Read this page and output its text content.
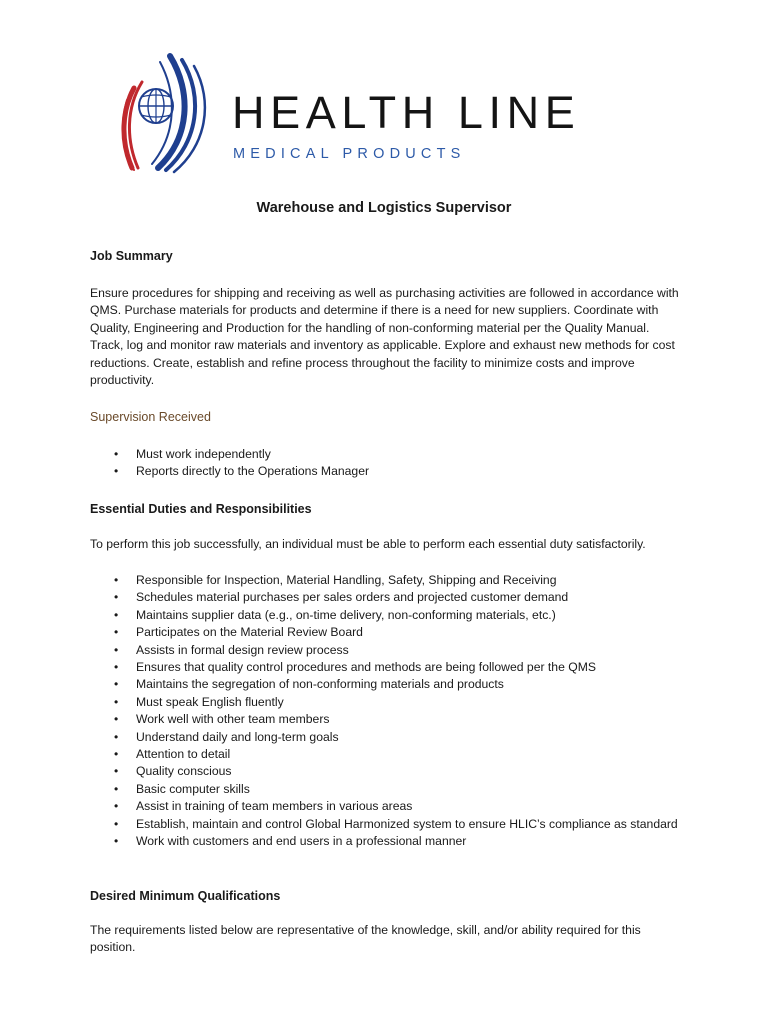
HEALTH LINE
MEDICAL PRODUCTS
Warehouse and Logistics Supervisor
Job Summary
Ensure procedures for shipping and receiving as well as purchasing activities are followed in accordance with QMS. Purchase materials for products and determine if there is a need for new suppliers. Coordinate with Quality, Engineering and Production for the handling of non-conforming material per the Quality Manual. Track, log and monitor raw materials and inventory as applicable. Explore and exhaust new methods for cost reductions. Create, establish and refine process throughout the facility to minimize costs and improve productivity.
Supervision Received
• Must work independently
• Reports directly to the Operations Manager
Essential Duties and Responsibilities
To perform this job successfully, an individual must be able to perform each essential duty satisfactorily.
• Responsible for Inspection, Material Handling, Safety, Shipping and Receiving
• Schedules material purchases per sales orders and projected customer demand
• Maintains supplier data (e.g., on-time delivery, non-conforming materials, etc.)
• Participates on the Material Review Board
• Assists in formal design review process
• Ensures that quality control procedures and methods are being followed per the QMS
• Maintains the segregation of non-conforming materials and products
• Must speak English fluently
• Work well with other team members
• Understand daily and long-term goals
• Attention to detail
• Quality conscious
• Basic computer skills
• Assist in training of team members in various areas
• Establish, maintain and control Global Harmonized system to ensure HLIC’s compliance as standard
• Work with customers and end users in a professional manner
Desired Minimum Qualifications
The requirements listed below are representative of the knowledge, skill, and/or ability required for this position.
